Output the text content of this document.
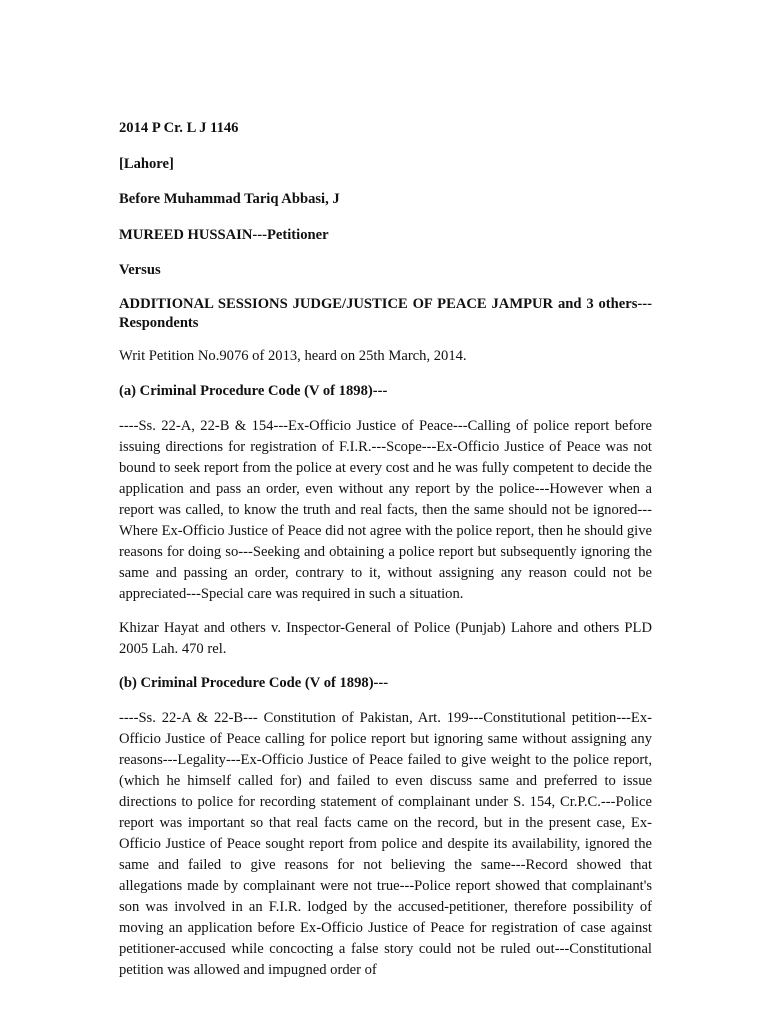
2014 P Cr. L J 1146

[Lahore]

Before Muhammad Tariq Abbasi, J

MUREED HUSSAIN---Petitioner

Versus

ADDITIONAL SESSIONS JUDGE/JUSTICE OF PEACE JAMPUR and 3 others---Respondents

Writ Petition No.9076 of 2013, heard on 25th March, 2014.

(a) Criminal Procedure Code (V of 1898)---

----Ss. 22-A, 22-B & 154---Ex-Officio Justice of Peace---Calling of police report before issuing directions for registration of F.I.R.---Scope---Ex-Officio Justice of Peace was not bound to seek report from the police at every cost and he was fully competent to decide the application and pass an order, even without any report by the police---However when a report was called, to know the truth and real facts, then the same should not be ignored---Where Ex-Officio Justice of Peace did not agree with the police report, then he should give reasons for doing so---Seeking and obtaining a police report but subsequently ignoring the same and passing an order, contrary to it, without assigning any reason could not be appreciated---Special care was required in such a situation.

Khizar Hayat and others v. Inspector-General of Police (Punjab) Lahore and others PLD 2005 Lah. 470 rel.

(b) Criminal Procedure Code (V of 1898)---

----Ss. 22-A & 22-B--- Constitution of Pakistan, Art. 199---Constitutional petition---Ex-Officio Justice of Peace calling for police report but ignoring same without assigning any reasons---Legality---Ex-Officio Justice of Peace failed to give weight to the police report, (which he himself called for) and failed to even discuss same and preferred to issue directions to police for recording statement of complainant under S. 154, Cr.P.C.---Police report was important so that real facts came on the record, but in the present case, Ex-Officio Justice of Peace sought report from police and despite its availability, ignored the same and failed to give reasons for not believing the same---Record showed that allegations made by complainant were not true---Police report showed that complainant's son was involved in an F.I.R. lodged by the accused-petitioner, therefore possibility of moving an application before Ex-Officio Justice of Peace for registration of case against petitioner-accused while concocting a false story could not be ruled out---Constitutional petition was allowed and impugned order of
